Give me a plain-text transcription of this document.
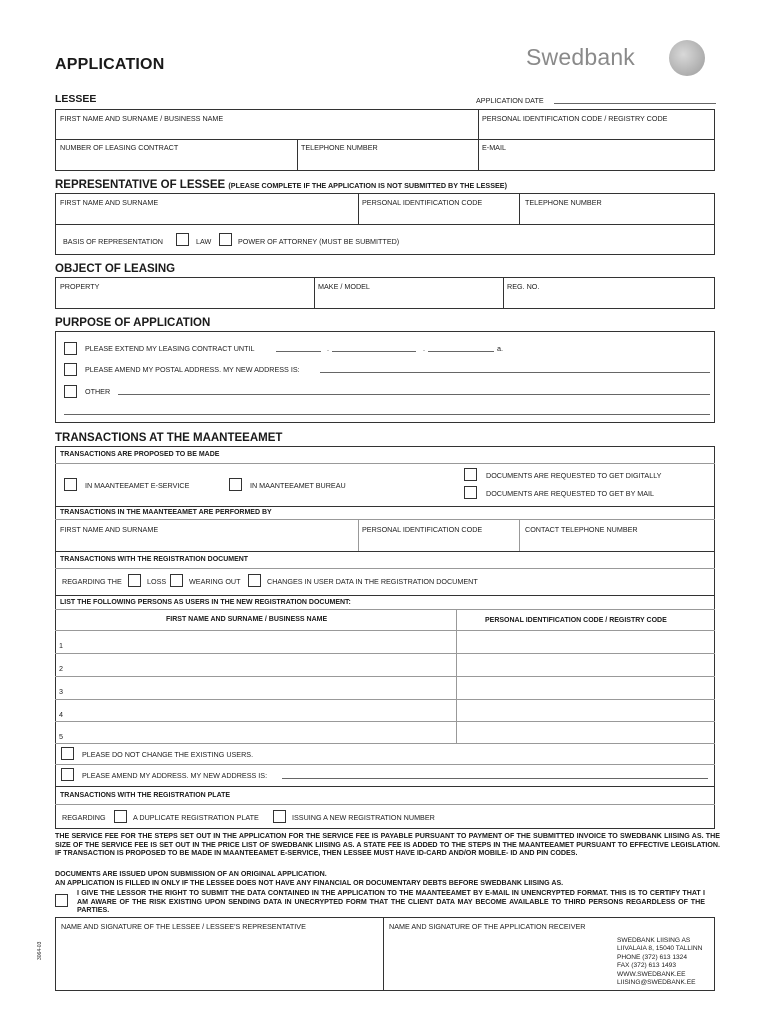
APPLICATION	Swedbank
LESSEE	APPLICATION DATE
FIRST NAME AND SURNAME / BUSINESS NAME	PERSONAL IDENTIFICATION CODE / REGISTRY CODE
NUMBER OF LEASING CONTRACT	TELEPHONE NUMBER	E-MAIL
REPRESENTATIVE OF LESSEE (PLEASE COMPLETE IF THE APPLICATION IS NOT SUBMITTED BY THE LESSEE)
FIRST NAME AND SURNAME	PERSONAL IDENTIFICATION CODE	TELEPHONE NUMBER
BASIS OF REPRESENTATION	LAW	POWER OF ATTORNEY (MUST BE SUBMITTED)
OBJECT OF LEASING
PROPERTY	MAKE / MODEL	REG. NO.
PURPOSE OF APPLICATION
PLEASE EXTEND MY LEASING CONTRACT UNTIL	.	.	a.
PLEASE AMEND MY POSTAL ADDRESS. MY NEW ADDRESS IS:
OTHER
TRANSACTIONS AT THE MAANTEEAMET
TRANSACTIONS ARE PROPOSED TO BE MADE
IN MAANTEEAMET E-SERVICE	IN MAANTEEAMET BUREAU
DOCUMENTS ARE REQUESTED TO GET DIGITALLY
DOCUMENTS ARE REQUESTED TO GET BY MAIL
TRANSACTIONS IN THE MAANTEEAMET ARE PERFORMED BY
FIRST NAME AND SURNAME	PERSONAL IDENTIFICATION CODE	CONTACT TELEPHONE NUMBER
TRANSACTIONS WITH THE REGISTRATION DOCUMENT
REGARDING THE	LOSS	WEARING OUT	CHANGES IN USER DATA IN THE REGISTRATION DOCUMENT
LIST THE FOLLOWING PERSONS AS USERS IN THE NEW REGISTRATION DOCUMENT:
FIRST NAME AND SURNAME / BUSINESS NAME	PERSONAL IDENTIFICATION CODE / REGISTRY CODE
1
2
3
4
5
PLEASE DO NOT CHANGE THE EXISTING USERS.
PLEASE AMEND MY ADDRESS. MY NEW ADDRESS IS:
TRANSACTIONS WITH THE REGISTRATION PLATE
REGARDING	A DUPLICATE REGISTRATION PLATE	ISSUING A NEW REGISTRATION NUMBER
THE SERVICE FEE FOR THE STEPS SET OUT IN THE APPLICATION FOR THE SERVICE FEE IS PAYABLE PURSUANT TO PAYMENT OF THE SUBMITTED INVOICE TO SWEDBANK LIISING AS. THE SIZE OF THE SERVICE FEE IS SET OUT IN THE PRICE LIST OF SWEDBANK LIISING AS. A STATE FEE IS ADDED TO THE STEPS IN THE MAANTEEAMET PURSUANT TO EFFECTIVE LEGISLATION. IF TRANSACTION IS PROPOSED TO BE MADE IN MAANTEEAMET E-SERVICE, THEN LESSEE MUST HAVE ID-CARD AND/OR MOBILE- ID AND PIN CODES.
DOCUMENTS ARE ISSUED UPON SUBMISSION OF AN ORIGINAL APPLICATION.
AN APPLICATION IS FILLED IN ONLY IF THE LESSEE DOES NOT HAVE ANY FINANCIAL OR DOCUMENTARY DEBTS BEFORE SWEDBANK LIISING AS.
I GIVE THE LESSOR THE RIGHT TO SUBMIT THE DATA CONTAINED IN THE APPLICATION TO THE MAANTEEAMET BY E-MAIL IN UNENCRYPTED FORMAT. THIS IS TO CERTIFY THAT I AM AWARE OF THE RISK EXISTING UPON SENDING DATA IN UNECRYPTED FORM THAT THE CLIENT DATA MAY BECOME AVAILABLE TO THIRD PERSONS REGARDLESS OF THE PARTIES.
NAME AND SIGNATURE OF THE LESSEE / LESSEE'S REPRESENTATIVE	NAME AND SIGNATURE OF THE APPLICATION RECEIVER
SWEDBANK LIISING AS
LIIVALAIA 8, 15040 TALLINN
PHONE (372) 613 1324
FAX (372) 613 1493
WWW.SWEDBANK.EE
LIISING@SWEDBANK.EE
3064-03
